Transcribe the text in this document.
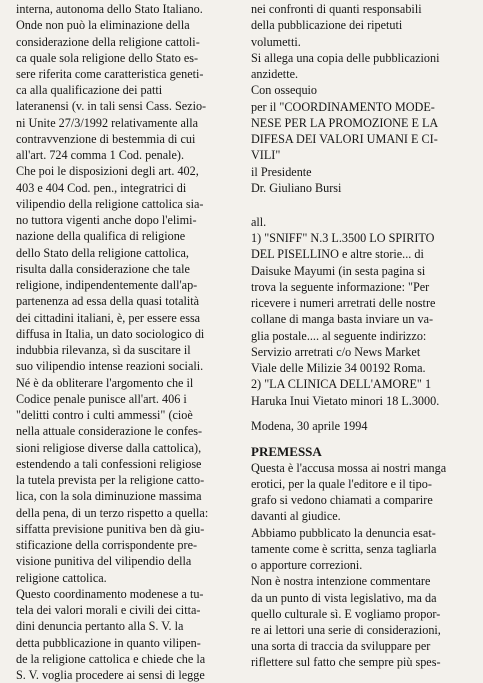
interna, autonoma dello Stato Italiano.
Onde non può la eliminazione della
considerazione della religione cattoli-
ca quale sola religione dello Stato es-
sere riferita come caratteristica geneti-
ca alla qualificazione dei patti
lateranensi (v. in tali sensi Cass. Sezio-
ni Unite 27/3/1992 relativamente alla
contravvenzione di bestemmia di cui
all'art. 724 comma 1 Cod. penale).
Che poi le disposizioni degli art. 402,
403 e 404 Cod. pen., integratrici di
vilipendio della religione cattolica sia-
no tuttora vigenti anche dopo l'elimi-
nazione della qualifica di religione
dello Stato della religione cattolica,
risulta dalla considerazione che tale
religione, indipendentemente dall'ap-
partenenza ad essa della quasi totalità
dei cittadini italiani, è, per essere essa
diffusa in Italia, un dato sociologico di
indubbia rilevanza, sì da suscitare il
suo vilipendio intense reazioni sociali.
Né è da obliterare l'argomento che il
Codice penale punisce all'art. 406 i
"delitti contro i culti ammessi" (cioè
nella attuale considerazione le confes-
sioni religiose diverse dalla cattolica),
estendendo a tali confessioni religiose
la tutela prevista per la religione catto-
lica, con la sola diminuzione massima
della pena, di un terzo rispetto a quella:
siffatta previsione punitiva ben dà giu-
stificazione della corrispondente pre-
visione punitiva del vilipendio della
religione cattolica.
Questo coordinamento modenese a tu-
tela dei valori morali e civili dei citta-
dini denuncia pertanto alla S. V. la
detta pubblicazione in quanto vilipen-
de la religione cattolica e chiede che la
S. V. voglia procedere ai sensi di legge
nei confronti di quanti responsabili
della pubblicazione dei ripetuti
volumetti.
Si allega una copia delle pubblicazioni
anzidette.
Con ossequio
per il "COORDINAMENTO MODE-
NESE PER LA PROMOZIONE E LA
DIFESA DEI VALORI UMANI E CI-
VILI"
il Presidente
Dr. Giuliano Bursi
all.
1) "SNIFF" N.3 L.3500 LO SPIRITO
DEL PISELLINO e altre storie... di
Daisuke Mayumi (in sesta pagina si
trova la seguente informazione: "Per
ricevere i numeri arretrati delle nostre
collane di manga basta inviare un va-
glia postale.... al seguente indirizzo:
Servizio arretrati c/o News Market
Viale delle Milizie 34 00192 Roma.
2) "LA CLINICA DELL'AMORE" 1
Haruka Inui Vietato minori 18 L.3000.
Modena, 30 aprile 1994
PREMESSA
Questa è l'accusa mossa ai nostri manga
erotici, per la quale l'editore e il tipo-
grafo si vedono chiamati a comparire
davanti al giudice.
Abbiamo pubblicato la denuncia esat-
tamente come è scritta, senza tagliarla
o apporture correzioni.
Non è nostra intenzione commentare
da un punto di vista legislativo, ma da
quello culturale sì. E vogliamo propor-
re ai lettori una serie di considerazioni,
una sorta di traccia da sviluppare per
riflettere sul fatto che sempre più spes-
